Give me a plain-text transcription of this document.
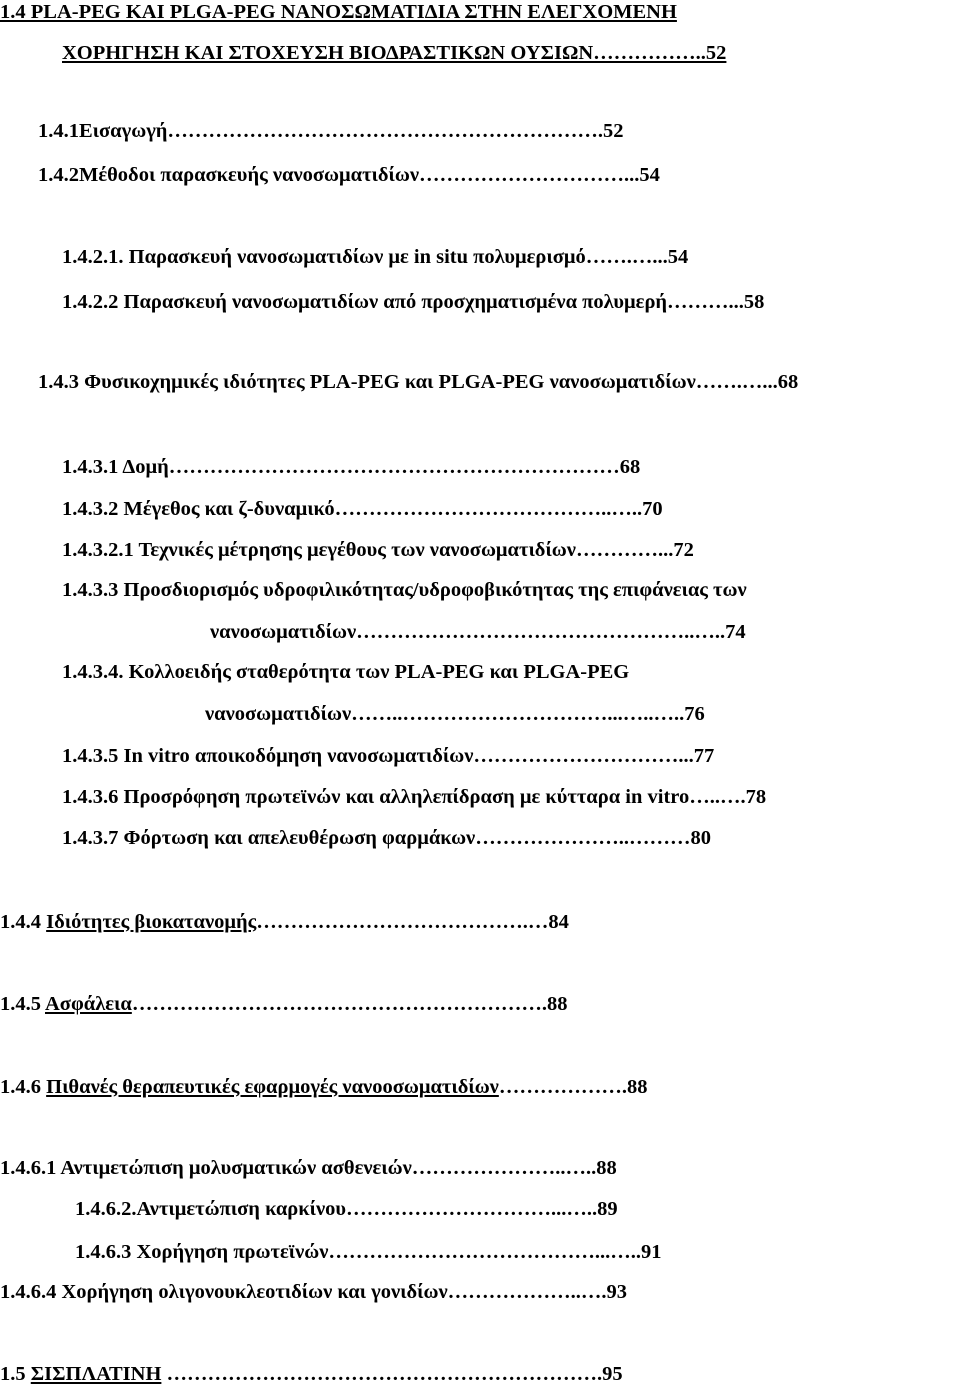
1.4 PLA-PEG ΚΑΙ PLGA-PEG ΝΑΝΟΣΩΜΑΤΙΔΙΑ ΣΤΗΝ ΕΛΕΓΧΟΜΕΝΗ
ΧΟΡΗΓΗΣΗ ΚΑΙ ΣΤΟΧΕΥΣΗ ΒΙΟΔΡΑΣΤΙΚΩΝ ΟΥΣΙΩΝ……………..52
1.4.1Εισαγωγή……………………………………………………….52
1.4.2Μέθοδοι παρασκευής νανοσωματιδίων…………………………...54
1.4.2.1. Παρασκευή νανοσωματιδίων με in situ πολυμερισμό…….…...54
1.4.2.2 Παρασκευή νανοσωματιδίων από προσχηματισμένα πολυμερή………...58
1.4.3 Φυσικοχημικές ιδιότητες PLA-PEG και PLGA-PEG νανοσωματιδίων…….…...68
1.4.3.1 Δομή…………………………………………………………68
1.4.3.2 Μέγεθος και ζ-δυναμικό…………………………………..…..70
1.4.3.2.1 Τεχνικές μέτρησης μεγέθους των νανοσωματιδίων…………...72
1.4.3.3 Προσδιορισμός υδροφιλικότητας/υδροφοβικότητας της επιφάνειας των
νανοσωματιδίων…………………………………………..…..74
1.4.3.4. Κολλοειδής σταθερότητα των PLA-PEG και PLGA-PEG
νανοσωματιδίων……..…………………………...…..…..76
1.4.3.5 In vitro αποικοδόμηση νανοσωματιδίων…………………………...77
1.4.3.6 Προσρόφηση πρωτεϊνών και αλληλεπίδραση με κύτταρα in vitro…..….78
1.4.3.7 Φόρτωση και απελευθέρωση φαρμάκων…………………..………80
1.4.4 Ιδιότητες βιοκατανομής………………………………….…84
1.4.5 Ασφάλεια…………………………………………………….88
1.4.6 Πιθανές θεραπευτικές εφαρμογές νανοοσωματιδίων……………….88
1.4.6.1 Αντιμετώπιση μολυσματικών ασθενειών…………………..…..88
1.4.6.2.Αντιμετώπιση καρκίνου…………………………...…..89
1.4.6.3 Χορήγηση πρωτεϊνών…………………………………...…..91
1.4.6.4 Χορήγηση ολιγονουκλεοτιδίων και γονιδίων………………..….93
1.5 ΣΙΣΠΛΑΤΙΝΗ ……………………………………………………….95
